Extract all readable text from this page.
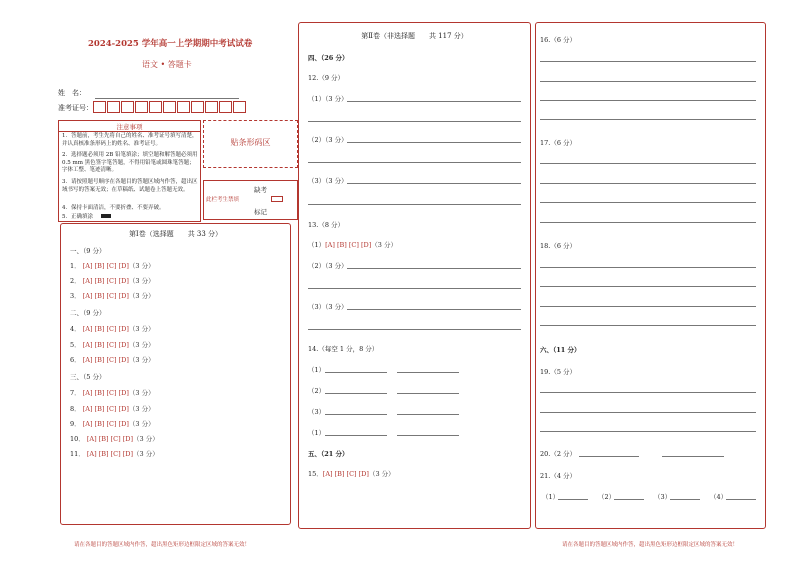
2024-2025 学年高一上学期期中考试试卷
语文 • 答题卡
姓　名：
准考证号：
注意事项
1．答题前，考生先将自己的姓名、准考证号填写清楚，并认真核准条形码上的姓名、准考证号。
2．选择题必须用 2B 铅笔填涂；填空题和解答题必须用 0.5 mm 黑色签字笔答题，不得用铅笔或圆珠笔答题；字体工整、笔迹清晰。
3．请按照题号顺序在各题目的答题区域内作答，超出区域书写的答案无效；在草稿纸、试题卷上答题无效。
4．保持卡面清洁，不要折叠、不要弄破。
5．正确填涂
贴条形码区
此栏考生禁填
缺考
标记
第Ⅰ卷（选择题　　共 33 分）
一、（9 分）
1． [A] [B] [C] [D]（3 分）
2． [A] [B] [C] [D]（3 分）
3． [A] [B] [C] [D]（3 分）
二、（9 分）
4． [A] [B] [C] [D]（3 分）
5． [A] [B] [C] [D]（3 分）
6． [A] [B] [C] [D]（3 分）
三、（5 分）
7． [A] [B] [C] [D]（3 分）
8． [A] [B] [C] [D]（3 分）
9． [A] [B] [C] [D]（3 分）
10． [A] [B] [C] [D]（3 分）
11． [A] [B] [C] [D]（3 分）
请在各题目的答题区域内作答，超出黑色矩形边框限定区域的答案无效！
第Ⅱ卷（非选择题　　共 117 分）
四、（26 分）
12.（9 分）
（1）（3 分）
（2）（3 分）
（3）（3 分）
13.（8 分）
（1）[A] [B] [C] [D]（3 分）
（2）（3 分）
（3）（3 分）
14.（每空 1 分，8 分）
（1）
（2）
（3）
（1）
五、（21 分）
15．[A] [B] [C] [D]（3 分）
16.（6 分）
17.（6 分）
18.（6 分）
六、（11 分）
19.（5 分）
20.（2 分）
21.（4 分）
（1）	（2）	（3）	（4）
请在各题目的答题区域内作答，超出黑色矩形边框限定区域的答案无效！
